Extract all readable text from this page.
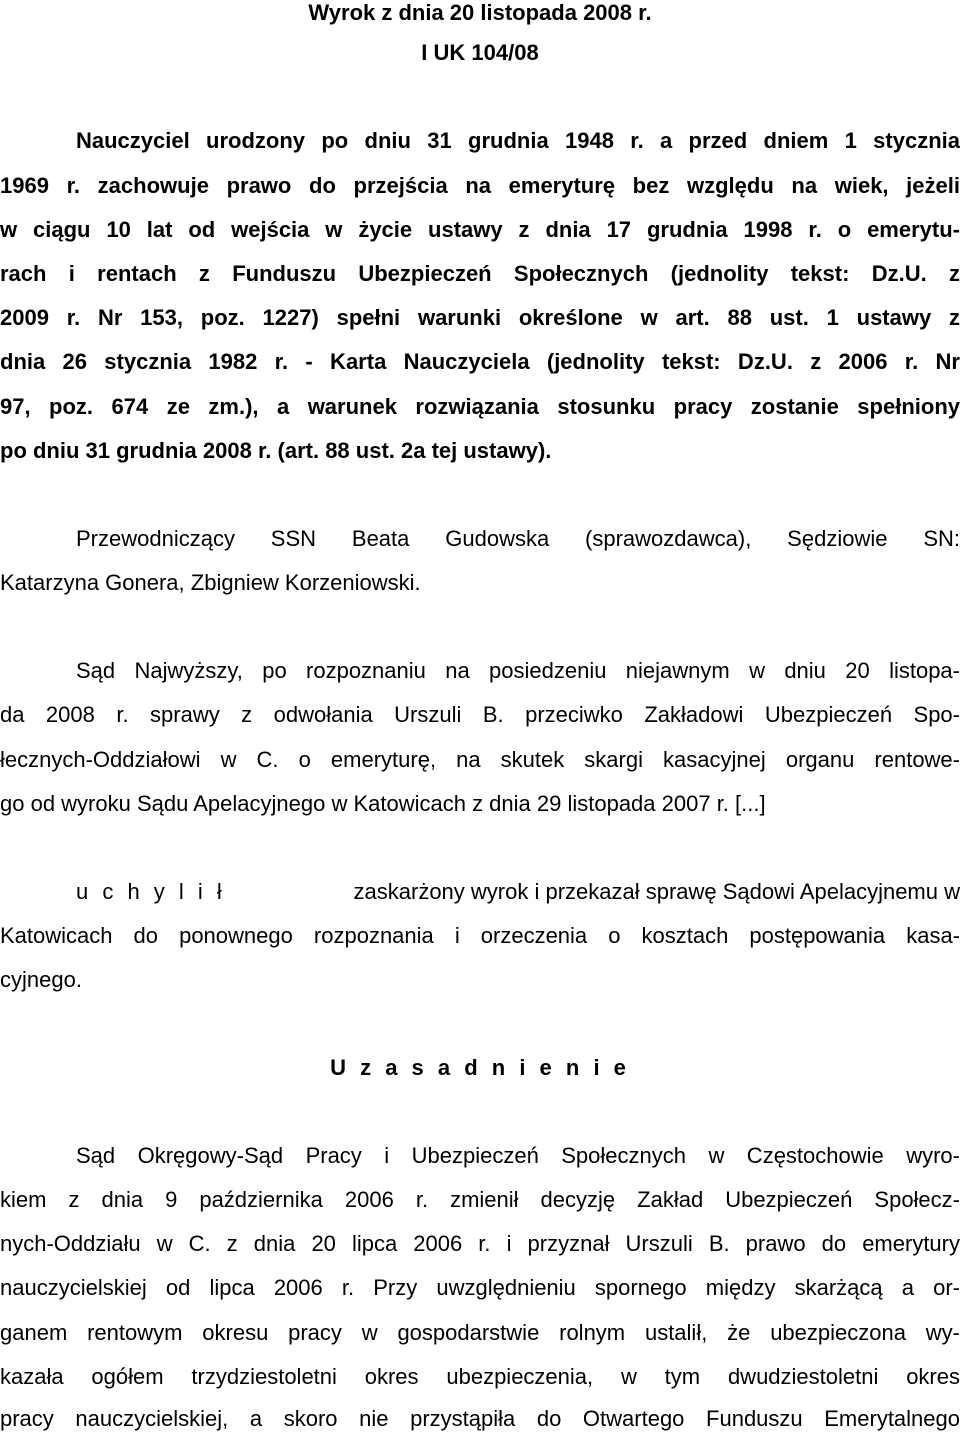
Wyrok z dnia 20 listopada 2008 r.
I UK 104/08
Nauczyciel urodzony po dniu 31 grudnia 1948 r. a przed dniem 1 stycznia
1969 r. zachowuje prawo do przejścia na emeryturę bez względu na wiek, jeżeli
w ciągu 10 lat od wejścia w życie ustawy z dnia 17 grudnia 1998 r. o emerytu-
rach i rentach z Funduszu Ubezpieczeń Społecznych (jednolity tekst: Dz.U. z
2009 r. Nr 153, poz. 1227) spełni warunki określone w art. 88 ust. 1 ustawy z
dnia 26 stycznia 1982 r. - Karta Nauczyciela (jednolity tekst: Dz.U. z 2006 r. Nr
97, poz. 674 ze zm.), a warunek rozwiązania stosunku pracy zostanie spełniony
po dniu 31 grudnia 2008 r. (art. 88 ust. 2a tej ustawy).
Przewodniczący SSN Beata Gudowska (sprawozdawca), Sędziowie SN:
Katarzyna Gonera, Zbigniew Korzeniowski.
Sąd Najwyższy, po rozpoznaniu na posiedzeniu niejawnym w dniu 20 listopa-
da 2008 r. sprawy z odwołania Urszuli B. przeciwko Zakładowi Ubezpieczeń Spo-
łecznych-Oddziałowi w C. o emeryturę, na skutek skargi kasacyjnej organu rentowe-
go od wyroku Sądu Apelacyjnego w Katowicach z dnia 29 listopada 2007 r. [...]
u c h y l i ł	zaskarżony wyrok i przekazał sprawę Sądowi Apelacyjnemu w
Katowicach do ponownego rozpoznania i orzeczenia o kosztach postępowania kasa-
cyjnego.
U z a s a d n i e n i e
Sąd Okręgowy-Sąd Pracy i Ubezpieczeń Społecznych w Częstochowie wyro-
kiem z dnia 9 października 2006 r. zmienił decyzję Zakład Ubezpieczeń Społecz-
nych-Oddziału w C. z dnia 20 lipca 2006 r. i przyznał Urszuli B. prawo do emerytury
nauczycielskiej od lipca 2006 r. Przy uwzględnieniu spornego między skarżącą a or-
ganem rentowym okresu pracy w gospodarstwie rolnym ustalił, że ubezpieczona wy-
kazała ogółem trzydziestoletni okres ubezpieczenia, w tym dwudziestoletni okres
pracy nauczycielskiej, a skoro nie przystąpiła do Otwartego Funduszu Emerytalnego
